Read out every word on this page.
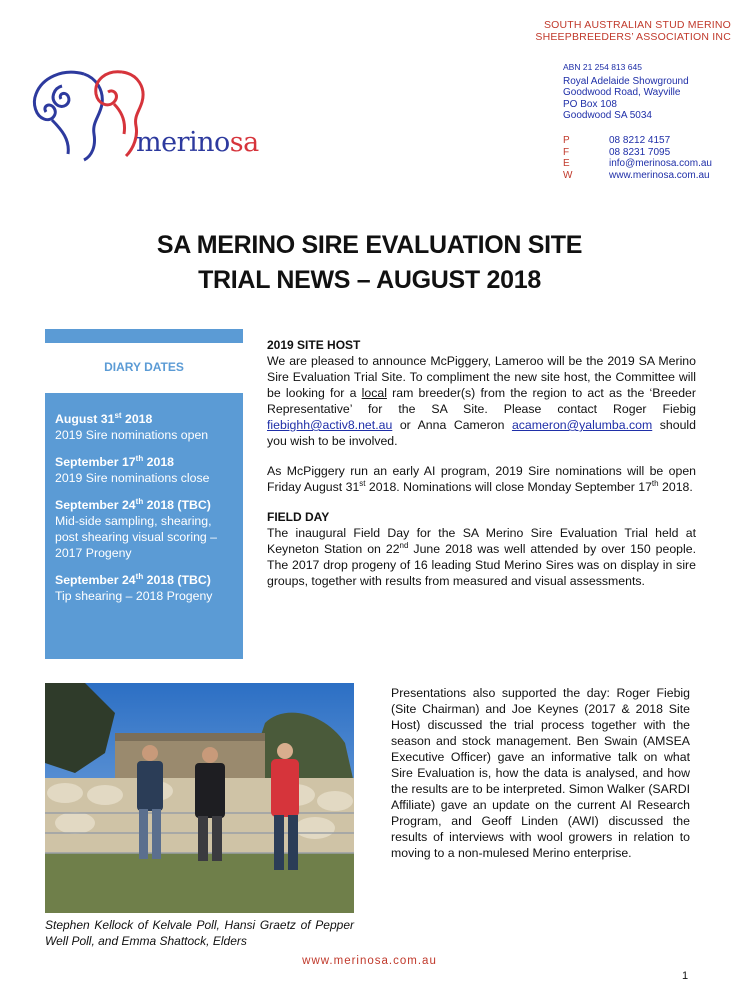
SOUTH AUSTRALIAN STUD MERINO
SHEEPBREEDERS’ ASSOCIATION INC
ABN 21 254 813 645
Royal Adelaide Showground
Goodwood Road, Wayville
PO Box 108
Goodwood SA 5034
P	08 8212 4157
F	08 8231 7095
E	info@merinosa.com.au
W	www.merinosa.com.au
merinosa
SA MERINO SIRE EVALUATION SITE
TRIAL NEWS – AUGUST 2018
DIARY DATES
August 31st 2018
2019 Sire nominations open
September 17th 2018
2019 Sire nominations close
September 24th 2018 (TBC)
Mid-side sampling, shearing, post shearing visual scoring – 2017 Progeny
September 24th 2018 (TBC)
Tip shearing – 2018 Progeny
2019 SITE HOST

We are pleased to announce McPiggery, Lameroo will be the 2019 SA Merino Sire Evaluation Trial Site. To compliment the new site host, the Committee will be looking for a local ram breeder(s) from the region to act as the ‘Breeder Representative’ for the SA Site. Please contact Roger Fiebig fiebighh@activ8.net.au or Anna Cameron acameron@yalumba.com should you wish to be involved.

As McPiggery run an early AI program, 2019 Sire nominations will be open Friday August 31st 2018. Nominations will close Monday September 17th 2018.

FIELD DAY

The inaugural Field Day for the SA Merino Sire Evaluation Trial held at Keyneton Station on 22nd June 2018 was well attended by over 150 people. The 2017 drop progeny of 16 leading Stud Merino Sires was on display in sire groups, together with results from measured and visual assessments.

Stephen Kellock of Kelvale Poll, Hansi Graetz of Pepper Well Poll, and Emma Shattock, Elders
Presentations also supported the day: Roger Fiebig (Site Chairman) and Joe Keynes (2017 & 2018 Site Host) discussed the trial process together with the season and stock management. Ben Swain (AMSEA Executive Officer) gave an informative talk on what Sire Evaluation is, how the data is analysed, and how the results are to be interpreted. Simon Walker (SARDI Affiliate) gave an update on the current AI Research Program, and Geoff Linden (AWI) discussed the results of interviews with wool growers in relation to moving to a non-mulesed Merino enterprise.
www.merinosa.com.au
1
